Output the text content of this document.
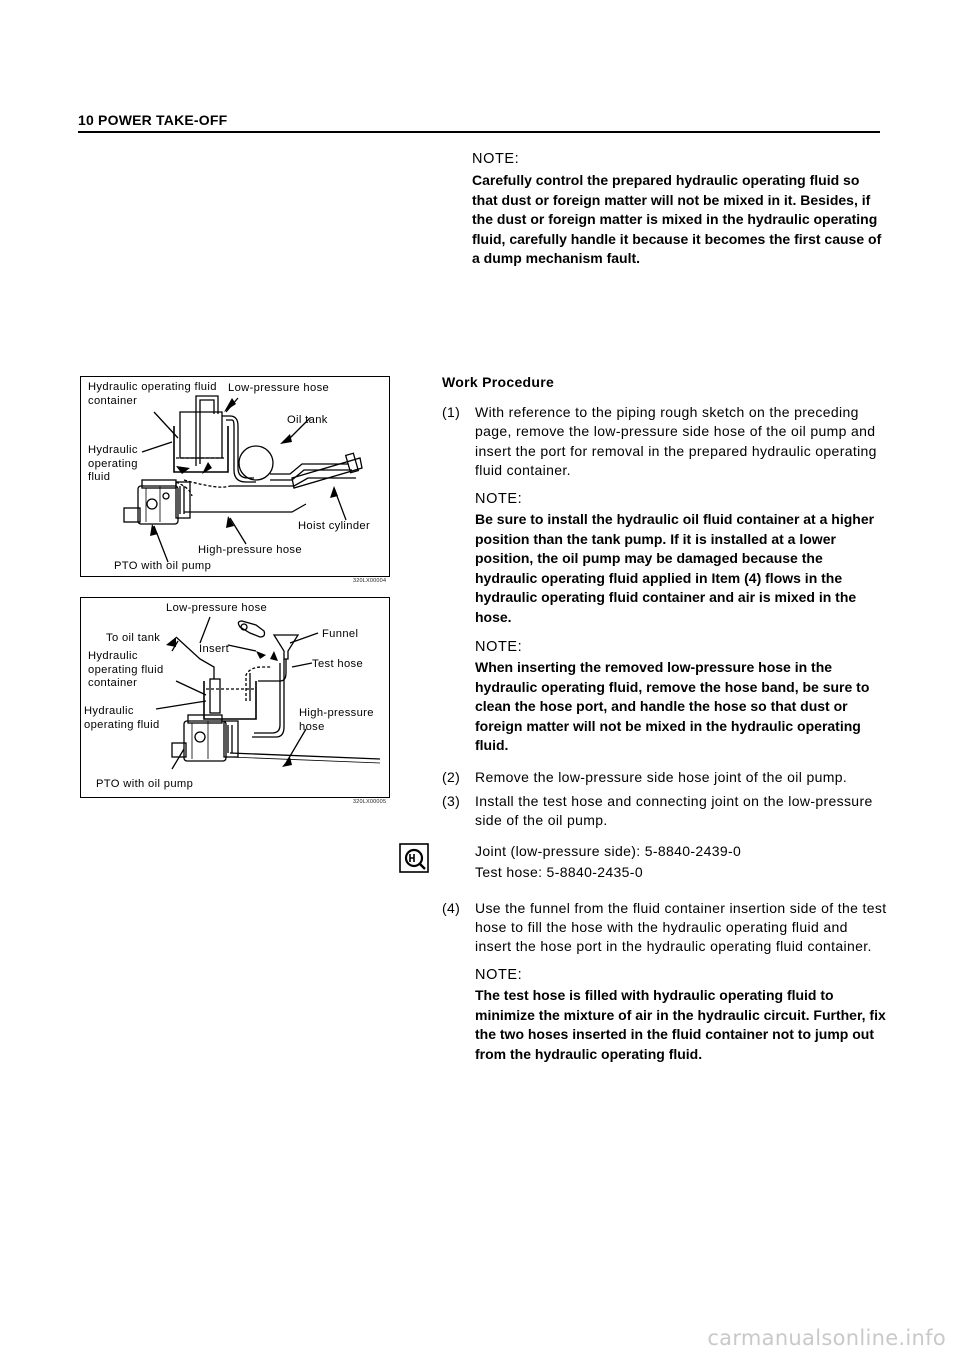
10 POWER TAKE-OFF
NOTE:
Carefully control the prepared hydraulic operating fluid so that dust or foreign matter will not be mixed in it. Besides, if the dust or foreign matter is mixed in the hydraulic operating fluid, carefully handle it because it becomes the first cause of a dump mechanism fault.
Hydraulic operating fluid container
Low-pressure hose
Oil tank
Hydraulic operating fluid
Hoist cylinder
High-pressure hose
PTO with oil pump
320LX00004
Low-pressure hose
To oil tank	Funnel
Insert
Hydraulic operating fluid container
Test hose
Hydraulic operating fluid
High-pressure hose
PTO with oil pump
320LX00005
Work Procedure
(1) With reference to the piping rough sketch on the preceding page, remove the low-pressure side hose of the oil pump and insert the port for removal in the prepared hydraulic operating fluid container.
NOTE:
Be sure to install the hydraulic oil fluid container at a higher position than the tank pump. If it is installed at a lower position, the oil pump may be damaged because the hydraulic operating fluid applied in Item (4) flows in the hydraulic operating fluid container and air is mixed in the hose.
NOTE:
When inserting the removed low-pressure hose in the hydraulic operating fluid, remove the hose band, be sure to clean the hose port, and handle the hose so that dust or foreign matter will not be mixed in the hydraulic operating fluid.
(2) Remove the low-pressure side hose joint of the oil pump.
(3) Install the test hose and connecting joint on the low-pressure side of the oil pump.
Joint (low-pressure side): 5-8840-2439-0
Test hose: 5-8840-2435-0
(4) Use the funnel from the fluid container insertion side of the test hose to fill the hose with the hydraulic operating fluid and insert the hose port in the hydraulic operating fluid container.
NOTE:
The test hose is filled with hydraulic operating fluid to minimize the mixture of air in the hydraulic circuit. Further, fix the two hoses inserted in the fluid container not to jump out from the hydraulic operating fluid.
carmanualsonline.info
